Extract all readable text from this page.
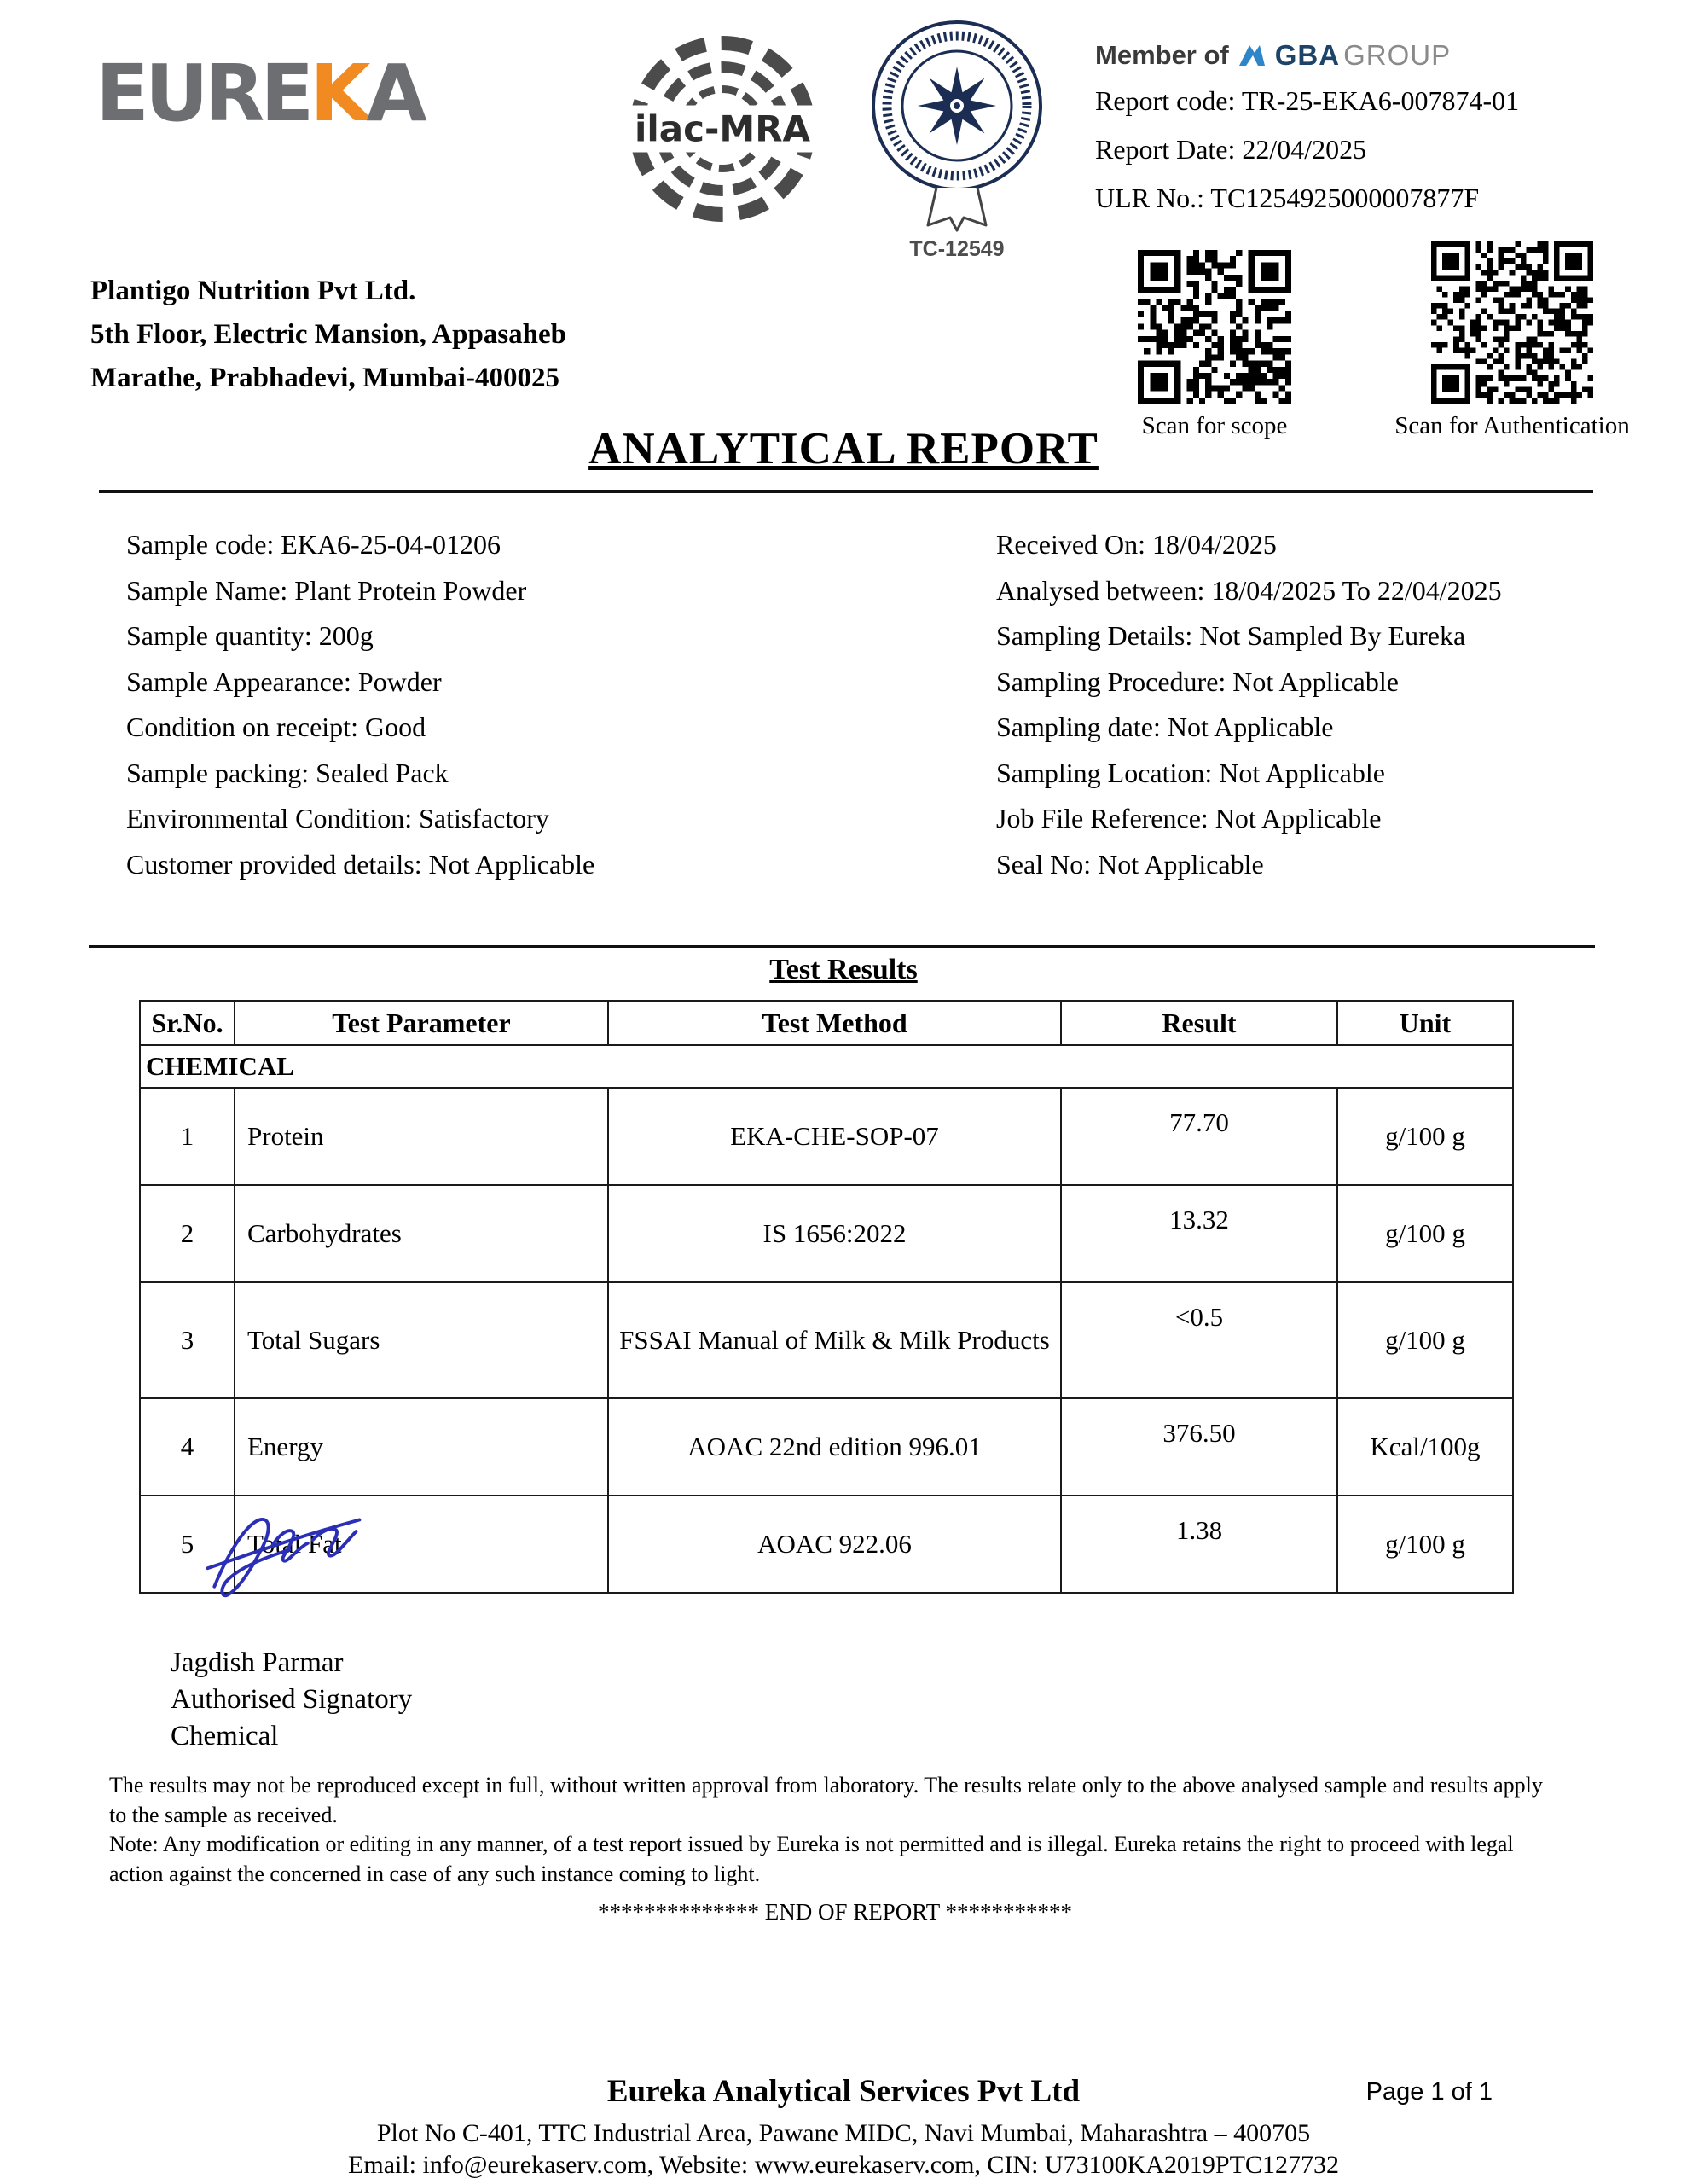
EUREKA	ilac-MRA
TC-12549
Member of GBA GROUP
Report code: TR-25-EKA6-007874-01
Report Date: 22/04/2025
ULR No.: TC1254925000007877F
Scan for scope	Scan for Authentication
Plantigo Nutrition Pvt Ltd.
5th Floor, Electric Mansion, Appasaheb
Marathe, Prabhadevi, Mumbai-400025
ANALYTICAL REPORT
Sample code: EKA6-25-04-01206
Sample Name: Plant Protein Powder
Sample quantity: 200g
Sample Appearance: Powder
Condition on receipt: Good
Sample packing: Sealed Pack
Environmental Condition: Satisfactory
Customer provided details: Not Applicable
Received On: 18/04/2025
Analysed between: 18/04/2025 To 22/04/2025
Sampling Details: Not Sampled By Eureka
Sampling Procedure: Not Applicable
Sampling date: Not Applicable
Sampling Location: Not Applicable
Job File Reference: Not Applicable
Seal No: Not Applicable
Test Results
Sr.No.	Test Parameter	Test Method	Result	Unit
CHEMICAL				
1	Protein	EKA-CHE-SOP-07	77.70	g/100 g
2	Carbohydrates	IS 1656:2022	13.32	g/100 g
3	Total Sugars	FSSAI Manual of Milk & Milk Products	<0.5	g/100 g
4	Energy	AOAC 22nd edition 996.01	376.50	Kcal/100g
5	Total Fat	AOAC 922.06	1.38	g/100 g
Jagdish Parmar
Authorised Signatory
Chemical
The results may not be reproduced except in full, without written approval from laboratory. The results relate only to the above analysed sample and results apply to the sample as received.
Note: Any modification or editing in any manner, of a test report issued by Eureka is not permitted and is illegal. Eureka retains the right to proceed with legal action against the concerned in case of any such instance coming to light.
************** END OF REPORT ***********
Eureka Analytical Services Pvt Ltd	Page 1 of 1
Plot No C-401, TTC Industrial Area, Pawane MIDC, Navi Mumbai, Maharashtra – 400705
Email: info@eurekaserv.com, Website: www.eurekaserv.com, CIN: U73100KA2019PTC127732
